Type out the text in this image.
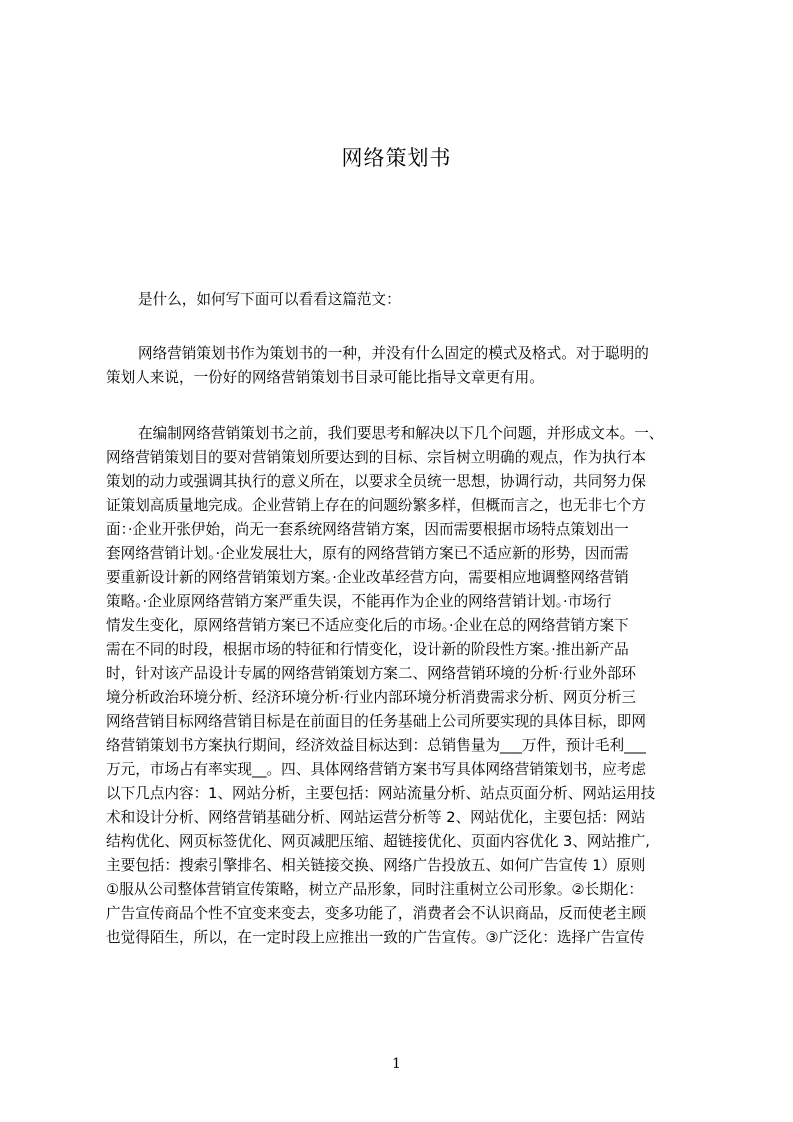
网络策划书
是什么，如何写下面可以看看这篇范文：
网络营销策划书作为策划书的一种，并没有什么固定的模式及格式。对于聪明的
策划人来说，一份好的网络营销策划书目录可能比指导文章更有用。
在编制网络营销策划书之前，我们要思考和解决以下几个问题，并形成文本。一、
网络营销策划目的要对营销策划所要达到的目标、宗旨树立明确的观点，作为执行本
策划的动力或强调其执行的意义所在，以要求全员统一思想，协调行动，共同努力保
证策划高质量地完成。企业营销上存在的问题纷繁多样，但概而言之，也无非七个方
面：·企业开张伊始，尚无一套系统网络营销方案，因而需要根据市场特点策划出一
套网络营销计划。·企业发展壮大，原有的网络营销方案已不适应新的形势，因而需
要重新设计新的网络营销策划方案。·企业改革经营方向，需要相应地调整网络营销
策略。·企业原网络营销方案严重失误，不能再作为企业的网络营销计划。·市场行
情发生变化，原网络营销方案已不适应变化后的市场。·企业在总的网络营销方案下
需在不同的时段，根据市场的特征和行情变化，设计新的阶段性方案。·推出新产品
时，针对该产品设计专属的网络营销策划方案二、网络营销环境的分析·行业外部环
境分析政治环境分析、经济环境分析·行业内部环境分析消费需求分析、网页分析三
网络营销目标网络营销目标是在前面目的任务基础上公司所要实现的具体目标，即网
络营销策划书方案执行期间，经济效益目标达到：总销售量为___万件，预计毛利___
万元，市场占有率实现__。四、具体网络营销方案书写具体网络营销策划书，应考虑
以下几点内容：1、网站分析，主要包括：网站流量分析、站点页面分析、网站运用技
术和设计分析、网络营销基础分析、网站运营分析等 2、网站优化，主要包括：网站
结构优化、网页标签优化、网页减肥压缩、超链接优化、页面内容优化 3、网站推广,
主要包括：搜索引擎排名、相关链接交换、网络广告投放五、如何广告宣传 1）原则
①服从公司整体营销宣传策略，树立产品形象，同时注重树立公司形象。②长期化：
广告宣传商品个性不宜变来变去，变多功能了，消费者会不认识商品，反而使老主顾
也觉得陌生，所以，在一定时段上应推出一致的广告宣传。③广泛化：选择广告宣传
1
